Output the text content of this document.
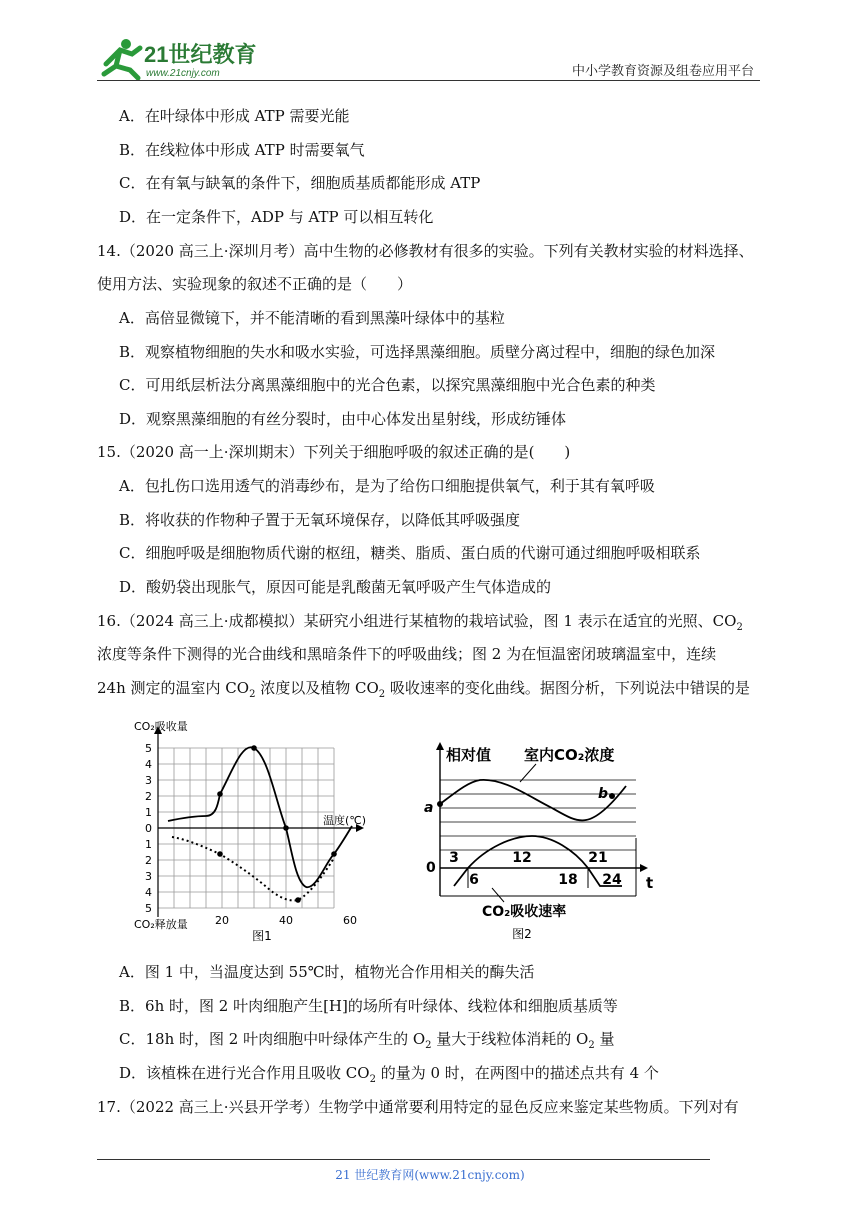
21世纪教育
www.21cnjy.com	中小学教育资源及组卷应用平台
A．在叶绿体中形成 ATP 需要光能
B．在线粒体中形成 ATP 时需要氧气
C．在有氧与缺氧的条件下，细胞质基质都能形成 ATP
D．在一定条件下，ADP 与 ATP 可以相互转化
14.（2020 高三上·深圳月考）高中生物的必修教材有很多的实验。下列有关教材实验的材料选择、
使用方法、实验现象的叙述不正确的是（　　）
A．高倍显微镜下，并不能清晰的看到黑藻叶绿体中的基粒
B．观察植物细胞的失水和吸水实验，可选择黑藻细胞。质壁分离过程中，细胞的绿色加深
C．可用纸层析法分离黑藻细胞中的光合色素，以探究黑藻细胞中光合色素的种类
D．观察黑藻细胞的有丝分裂时，由中心体发出星射线，形成纺锤体
15.（2020 高一上·深圳期末）下列关于细胞呼吸的叙述正确的是(　　)
A．包扎伤口选用透气的消毒纱布，是为了给伤口细胞提供氧气，利于其有氧呼吸
B．将收获的作物种子置于无氧环境保存，以降低其呼吸强度
C．细胞呼吸是细胞物质代谢的枢纽，糖类、脂质、蛋白质的代谢可通过细胞呼吸相联系
D．酸奶袋出现胀气，原因可能是乳酸菌无氧呼吸产生气体造成的
16.（2024 高三上·成都模拟）某研究小组进行某植物的栽培试验，图 1 表示在适宜的光照、$CO_2$
浓度等条件下测得的光合曲线和黑暗条件下的呼吸曲线；图 2 为在恒温密闭玻璃温室中，连续
24h 测定的温室内 $CO_2$ 浓度以及植物 $CO_2$ 吸收速率的变化曲线。据图分析，下列说法中错误的是
CO₂吸收量
CO₂释放量
温度(℃)
5
4
3
2
1
0
1
2
3
4
5
20	40	60
图1
相对值 室内CO₂浓度
a
b
0
t
3	12	21
6	18 24
CO₂吸收速率
图2
A．图 1 中，当温度达到 55℃时，植物光合作用相关的酶失活
B．6h 时，图 2 叶肉细胞产生[H]的场所有叶绿体、线粒体和细胞质基质等
C．18h 时，图 2 叶肉细胞中叶绿体产生的 $O_2$ 量大于线粒体消耗的 $O_2$ 量
D．该植株在进行光合作用且吸收 $CO_2$ 的量为 0 时，在两图中的描述点共有 4 个
17.（2022 高三上·兴县开学考）生物学中通常要利用特定的显色反应来鉴定某些物质。下列对有
21 世纪教育网(www.21cnjy.com)
